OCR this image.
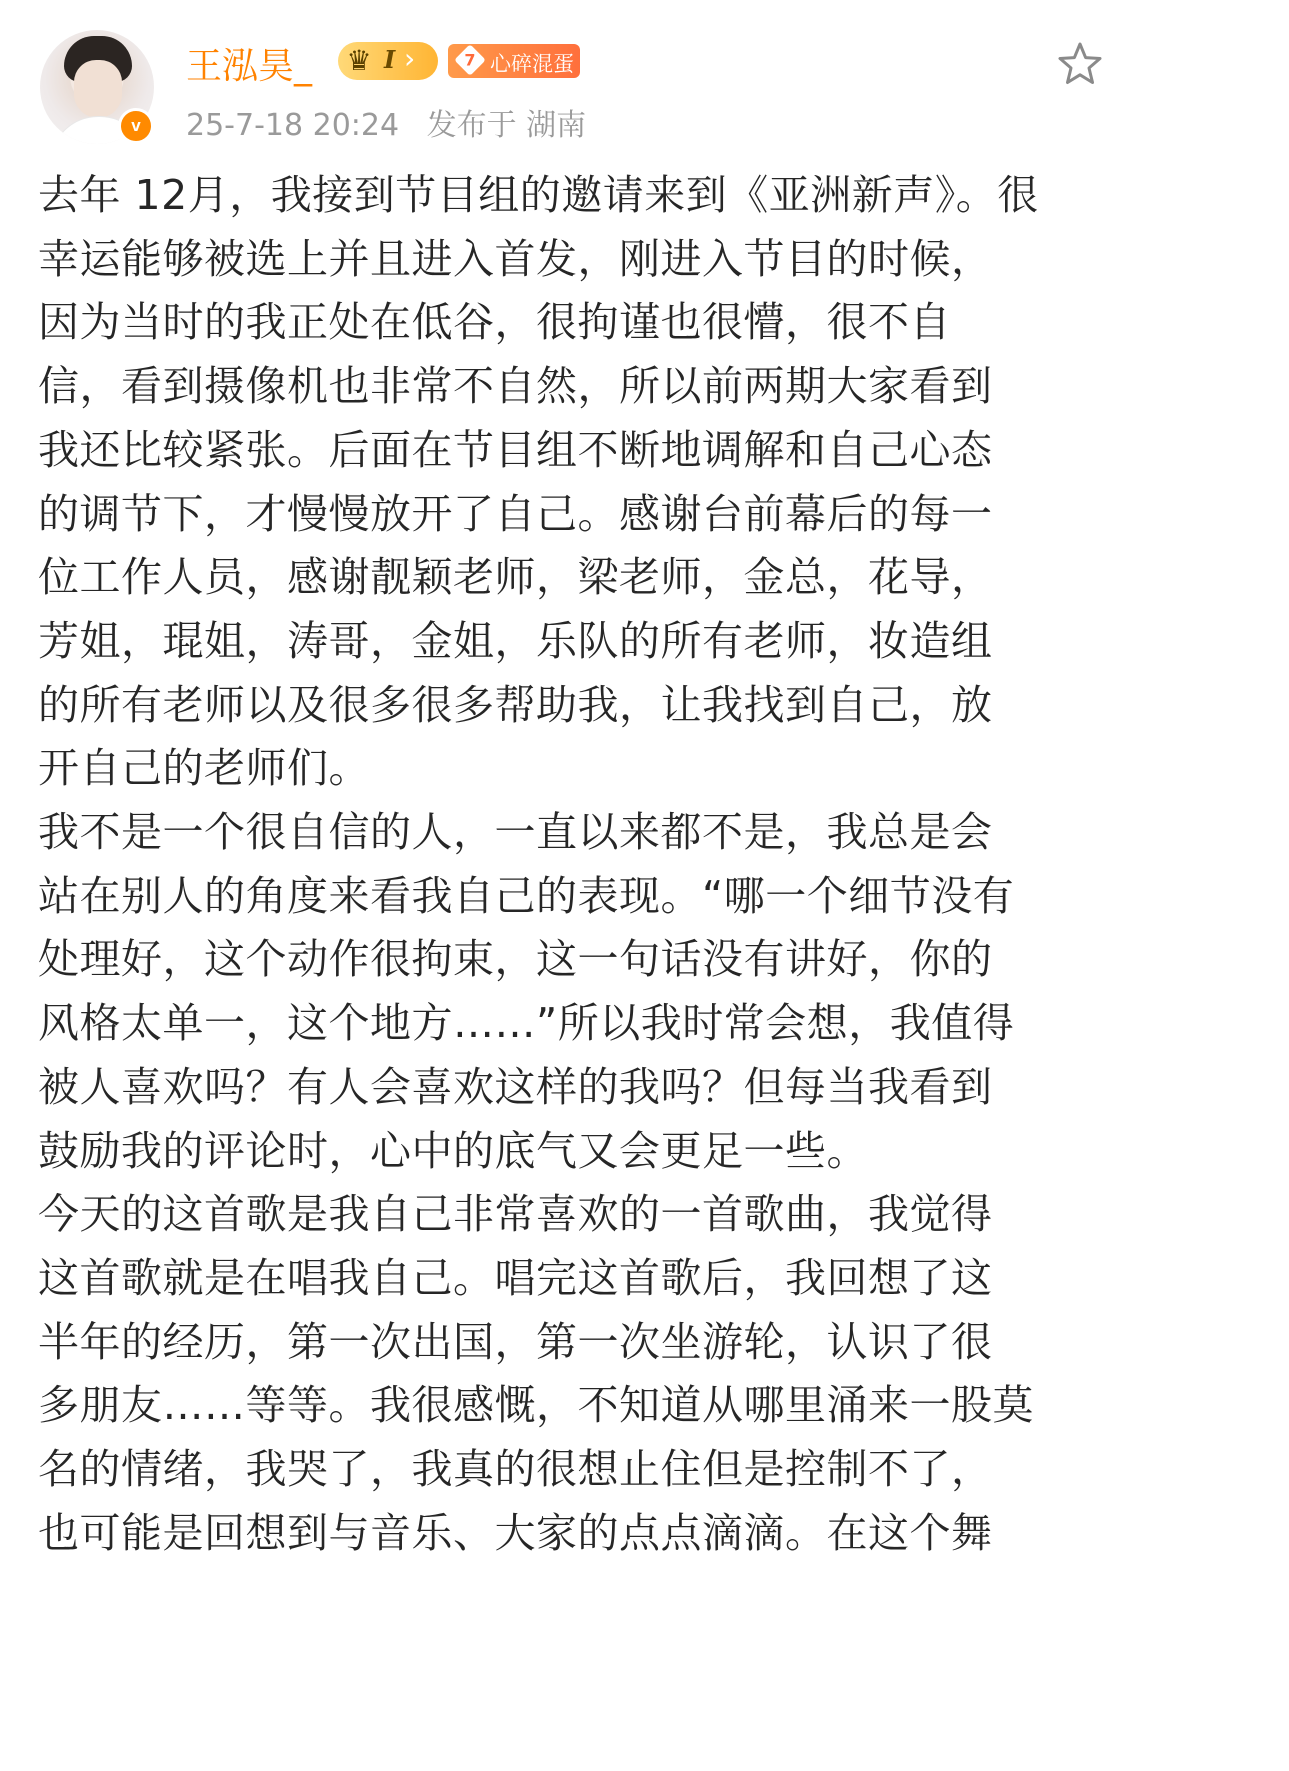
v
王泓昊_ ♛ I › 7 心碎混蛋
25-7-18 20:24 发布于 湖南

去年 12月，我接到节目组的邀请来到《亚洲新声》。很

幸运能够被选上并且进入首发，刚进入节目的时候，

因为当时的我正处在低谷，很拘谨也很懵，很不自

信，看到摄像机也非常不自然，所以前两期大家看到

我还比较紧张。后面在节目组不断地调解和自己心态

的调节下，才慢慢放开了自己。感谢台前幕后的每一

位工作人员，感谢靓颖老师，梁老师，金总，花导，

芳姐，琨姐，涛哥，金姐，乐队的所有老师，妆造组

的所有老师以及很多很多帮助我，让我找到自己，放

开自己的老师们。

我不是一个很自信的人，一直以来都不是，我总是会

站在别人的角度来看我自己的表现。“哪一个细节没有

处理好，这个动作很拘束，这一句话没有讲好，你的

风格太单一，这个地方……”所以我时常会想，我值得

被人喜欢吗？有人会喜欢这样的我吗？但每当我看到

鼓励我的评论时，心中的底气又会更足一些。

今天的这首歌是我自己非常喜欢的一首歌曲，我觉得

这首歌就是在唱我自己。唱完这首歌后，我回想了这

半年的经历，第一次出国，第一次坐游轮，认识了很

多朋友……等等。我很感慨，不知道从哪里涌来一股莫

名的情绪，我哭了，我真的很想止住但是控制不了，

也可能是回想到与音乐、大家的点点滴滴。在这个舞
